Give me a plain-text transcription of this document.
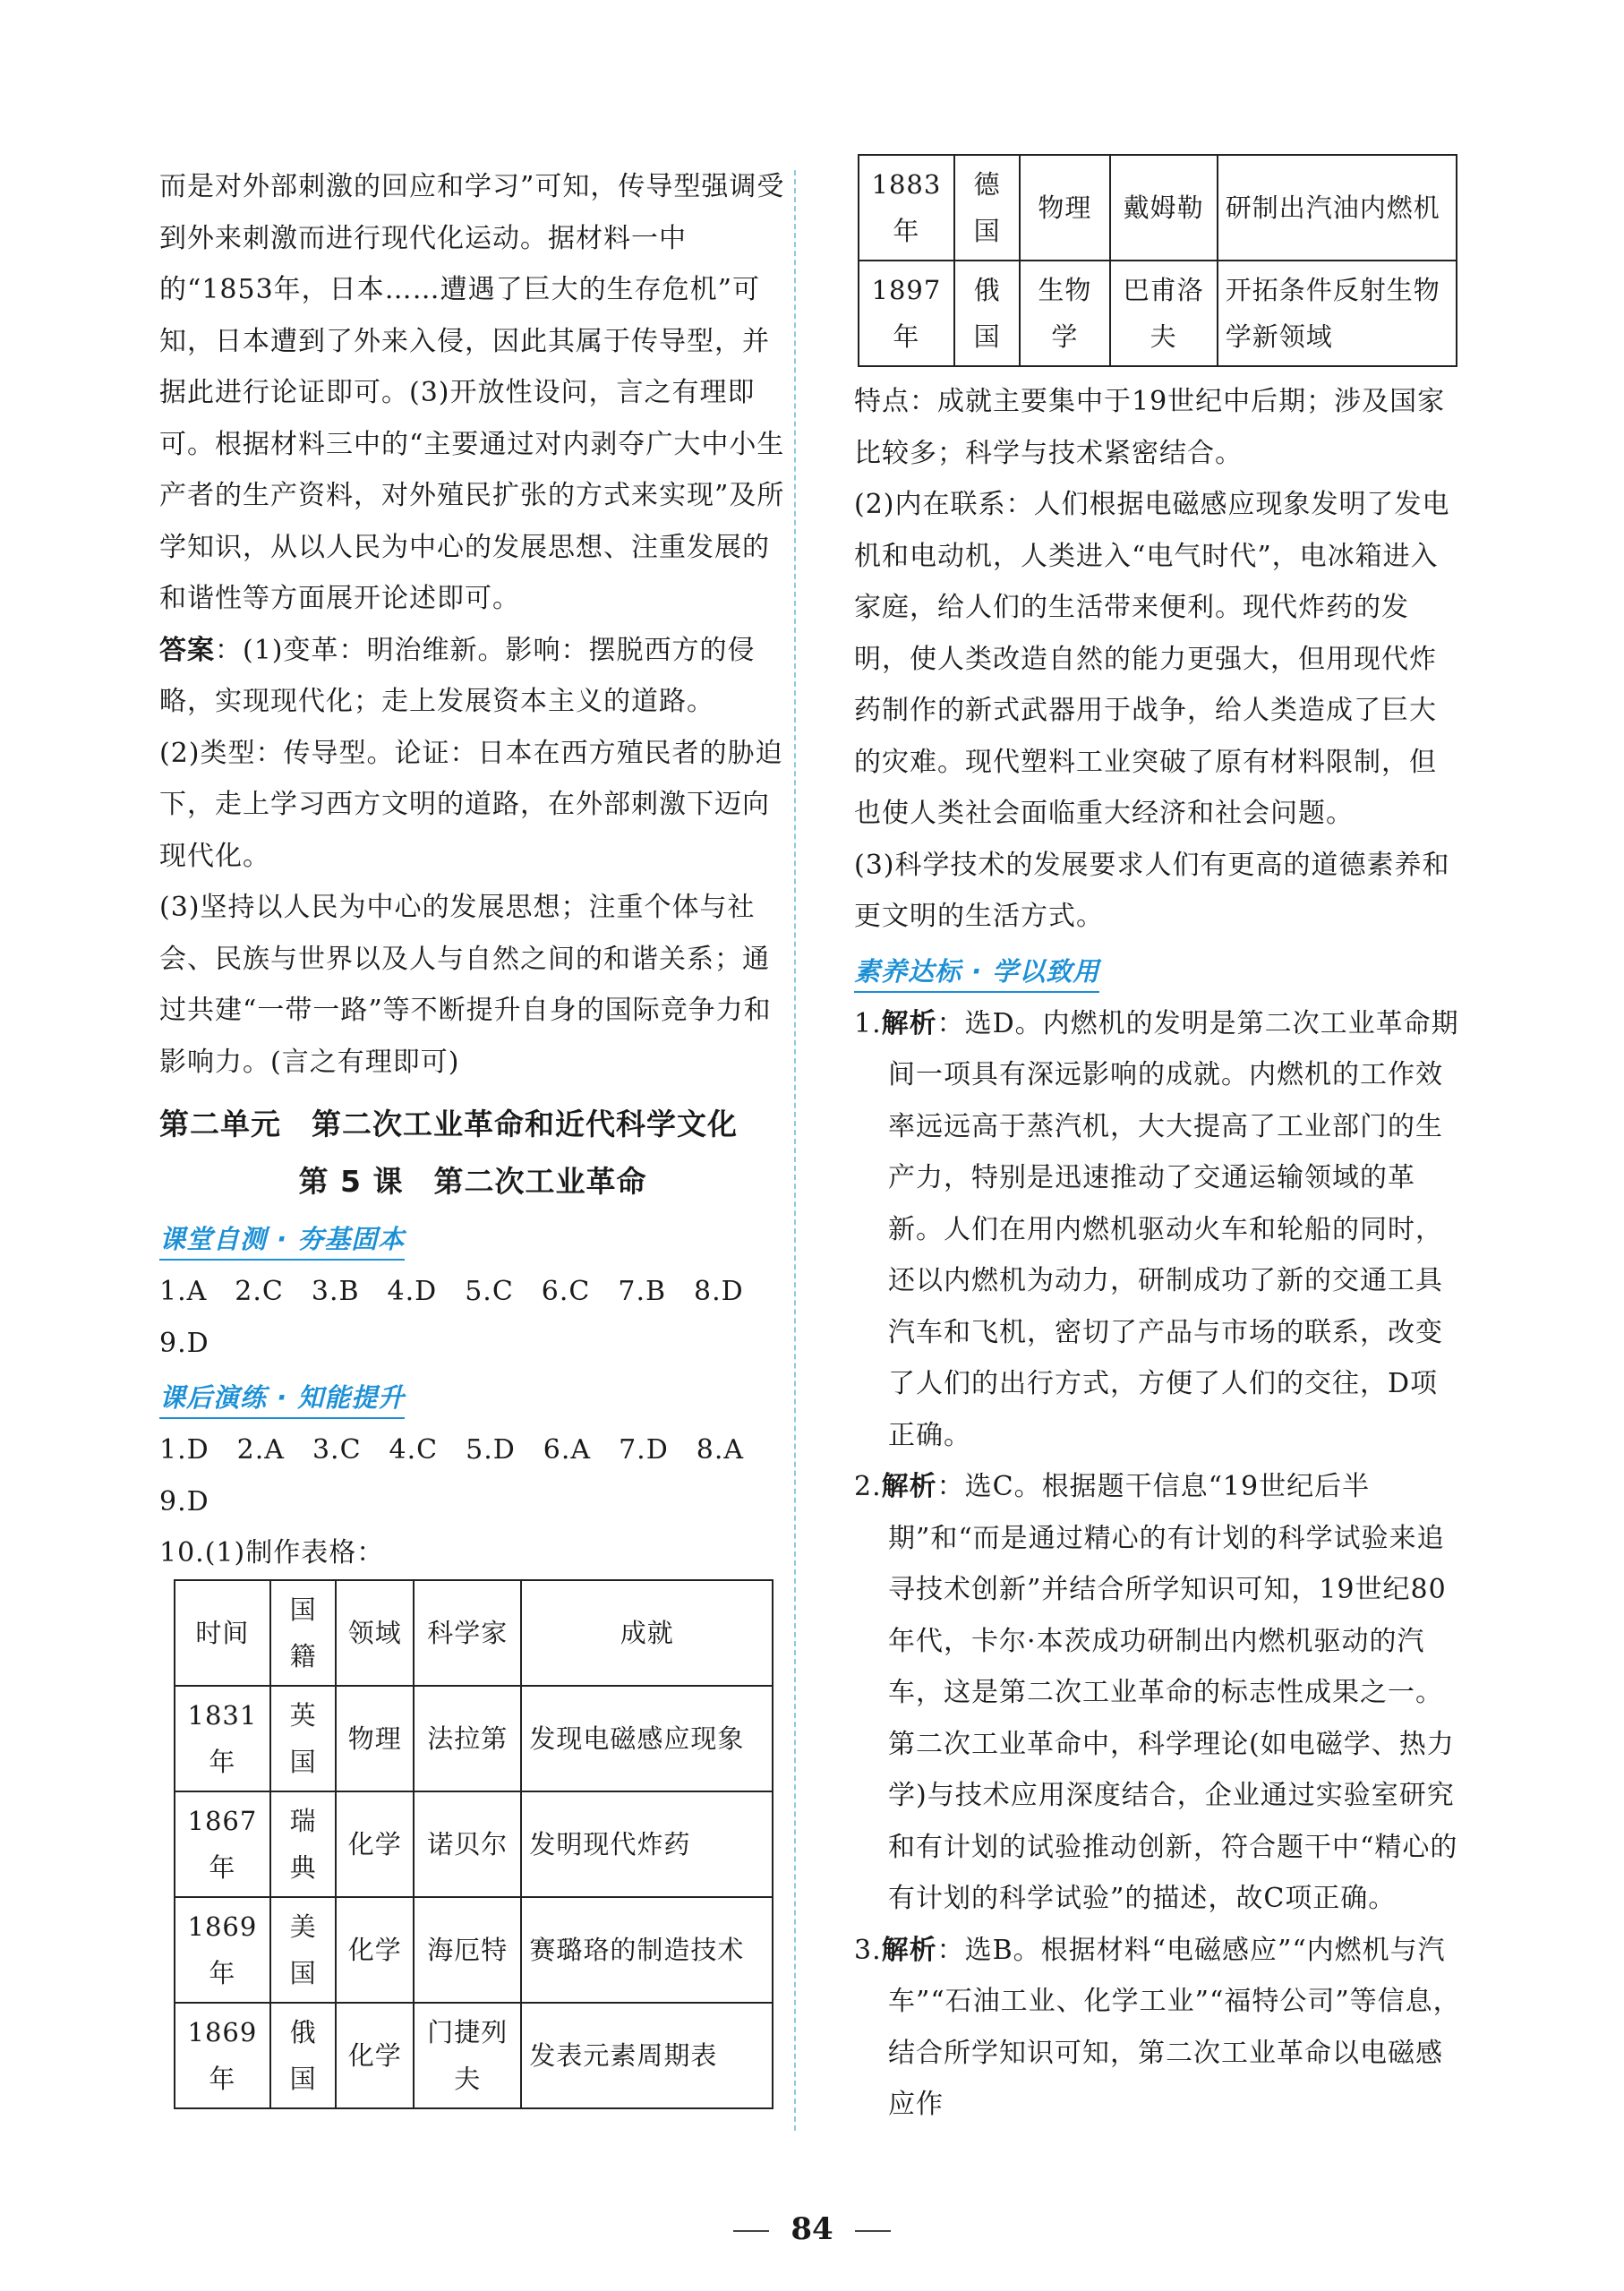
而是对外部刺激的回应和学习”可知，传导型强调受到外来刺激而进行现代化运动。据材料一中的“1853年，日本……遭遇了巨大的生存危机”可知，日本遭到了外来入侵，因此其属于传导型，并据此进行论证即可。(3)开放性设问，言之有理即可。根据材料三中的“主要通过对内剥夺广大中小生产者的生产资料，对外殖民扩张的方式来实现”及所学知识，从以人民为中心的发展思想、注重发展的和谐性等方面展开论述即可。

答案：(1)变革：明治维新。影响：摆脱西方的侵略，实现现代化；走上发展资本主义的道路。

(2)类型：传导型。论证：日本在西方殖民者的胁迫下，走上学习西方文明的道路，在外部刺激下迈向现代化。

(3)坚持以人民为中心的发展思想；注重个体与社会、民族与世界以及人与自然之间的和谐关系；通过共建“一带一路”等不断提升自身的国际竞争力和影响力。(言之有理即可)

第二单元　第二次工业革命和近代科学文化
第 5 课　第二次工业革命
课堂自测 · 夯基固本

1.A　2.C　3.B　4.D　5.C　6.C　7.B　8.D

9.D

课后演练 · 知能提升

1.D　2.A　3.C　4.C　5.D　6.A　7.D　8.A

9.D

10.(1)制作表格：

时间	国籍	领域	科学家	成就
1831 年	英国	物理	法拉第	发现电磁感应现象
1867 年	瑞典	化学	诺贝尔	发明现代炸药
1869 年	美国	化学	海厄特	赛璐珞的制造技术
1869 年	俄国	化学	门捷列夫	发表元素周期表
1883 年	德国	物理	戴姆勒	研制出汽油内燃机
1897 年	俄国	生物学	巴甫洛夫	开拓条件反射生物学新领域

特点：成就主要集中于19世纪中后期；涉及国家比较多；科学与技术紧密结合。

(2)内在联系：人们根据电磁感应现象发明了发电机和电动机，人类进入“电气时代”，电冰箱进入家庭，给人们的生活带来便利。现代炸药的发明，使人类改造自然的能力更强大，但用现代炸药制作的新式武器用于战争，给人类造成了巨大的灾难。现代塑料工业突破了原有材料限制，但也使人类社会面临重大经济和社会问题。

(3)科学技术的发展要求人们有更高的道德素养和更文明的生活方式。

素养达标 · 学以致用

1.解析：选D。内燃机的发明是第二次工业革命期间一项具有深远影响的成就。内燃机的工作效率远远高于蒸汽机，大大提高了工业部门的生产力，特别是迅速推动了交通运输领域的革新。人们在用内燃机驱动火车和轮船的同时，还以内燃机为动力，研制成功了新的交通工具汽车和飞机，密切了产品与市场的联系，改变了人们的出行方式，方便了人们的交往，D项正确。

2.解析：选C。根据题干信息“19世纪后半期”和“而是通过精心的有计划的科学试验来追寻技术创新”并结合所学知识可知，19世纪80年代，卡尔·本茨成功研制出内燃机驱动的汽车，这是第二次工业革命的标志性成果之一。第二次工业革命中，科学理论(如电磁学、热力学)与技术应用深度结合，企业通过实验室研究和有计划的试验推动创新，符合题干中“精心的有计划的科学试验”的描述，故C项正确。

3.解析：选B。根据材料“电磁感应”“内燃机与汽车”“石油工业、化学工业”“福特公司”等信息，结合所学知识可知，第二次工业革命以电磁感应作

84
